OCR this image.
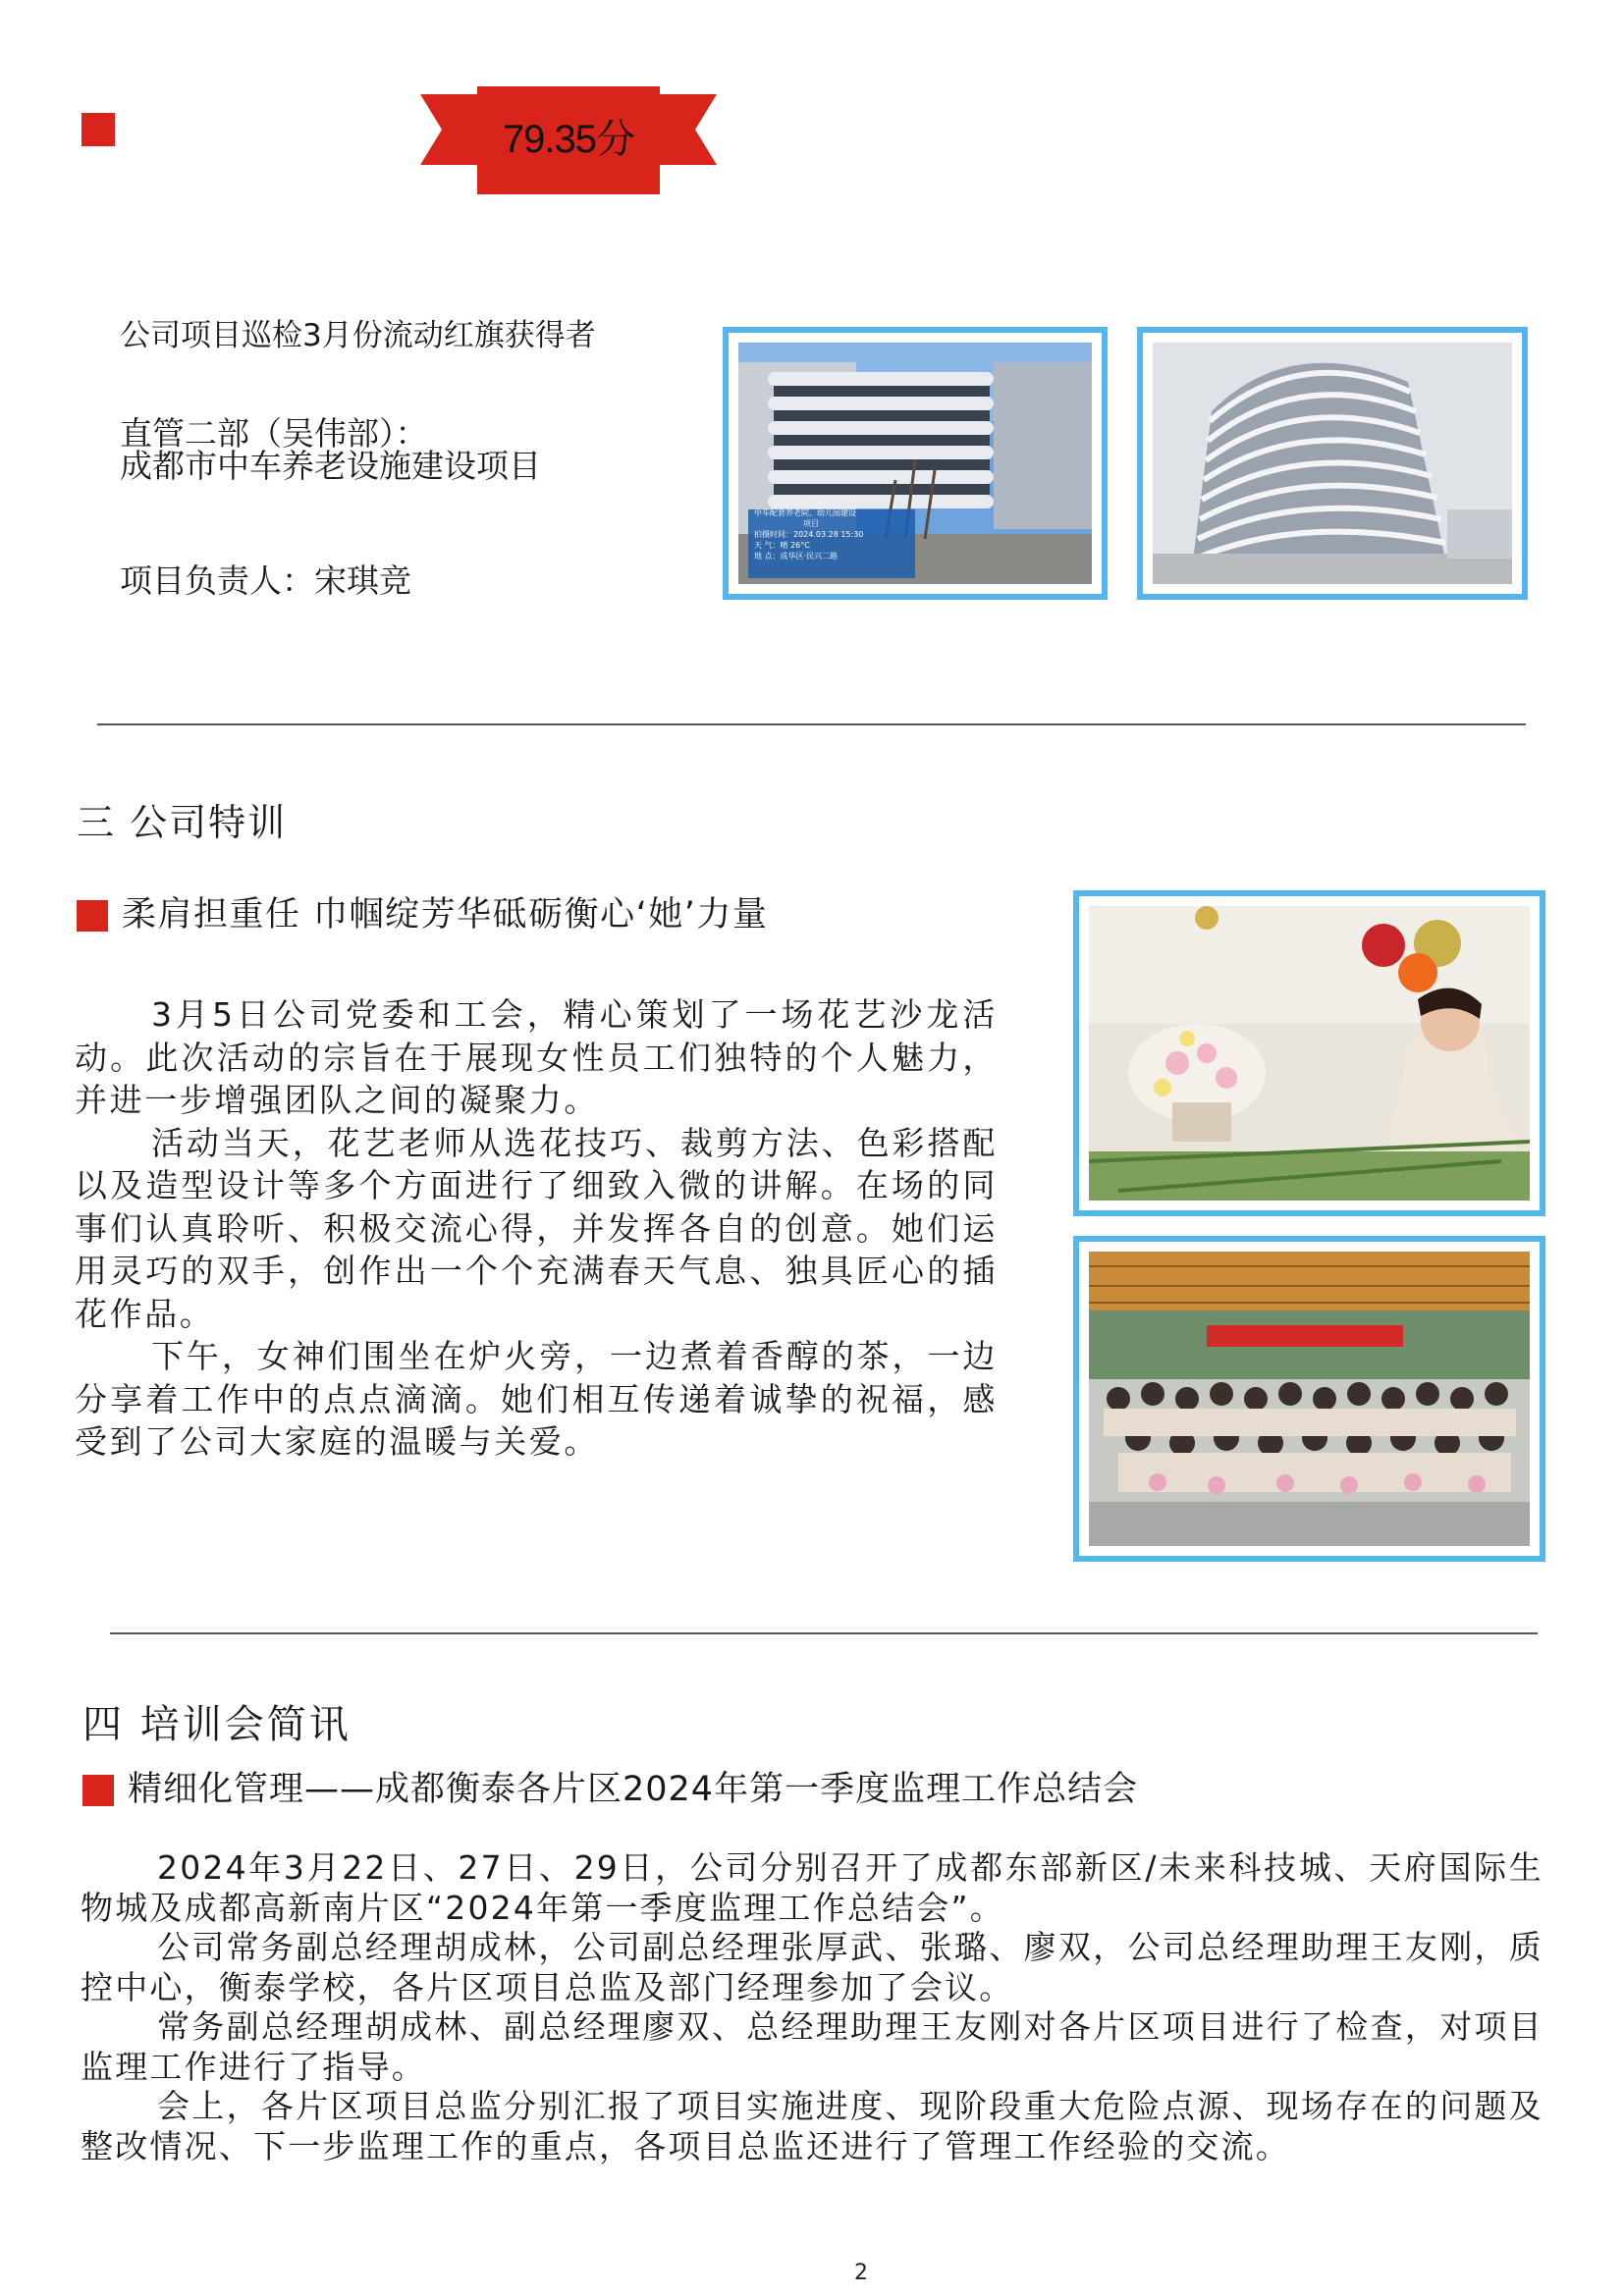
79.35分
公司项目巡检3月份流动红旗获得者
直管二部（吴伟部）：
成都市中车养老设施建设项目
项目负责人：宋琪竞
中车配套养老院、幼儿园建设
项目
拍摄时间：2024.03.28 15:30
天 气：晴 26°C
地 点：成华区·民兴二路
三 公司特训
柔肩担重任 巾帼绽芳华砥砺衡心‘她’力量

3月5日公司党委和工会，精心策划了一场花艺沙龙活动。此次活动的宗旨在于展现女性员工们独特的个人魅力，并进一步增强团队之间的凝聚力。

活动当天，花艺老师从选花技巧、裁剪方法、色彩搭配以及造型设计等多个方面进行了细致入微的讲解。在场的同事们认真聆听、积极交流心得，并发挥各自的创意。她们运用灵巧的双手，创作出一个个充满春天气息、独具匠心的插花作品。

下午，女神们围坐在炉火旁，一边煮着香醇的茶，一边分享着工作中的点点滴滴。她们相互传递着诚挚的祝福，感受到了公司大家庭的温暖与关爱。

四 培训会简讯
精细化管理——成都衡泰各片区2024年第一季度监理工作总结会

2024年3月22日、27日、29日，公司分别召开了成都东部新区/未来科技城、天府国际生物城及成都高新南片区“2024年第一季度监理工作总结会”。

公司常务副总经理胡成林，公司副总经理张厚武、张璐、廖双，公司总经理助理王友刚，质控中心，衡泰学校，各片区项目总监及部门经理参加了会议。

常务副总经理胡成林、副总经理廖双、总经理助理王友刚对各片区项目进行了检查，对项目监理工作进行了指导。

会上，各片区项目总监分别汇报了项目实施进度、现阶段重大危险点源、现场存在的问题及整改情况、下一步监理工作的重点，各项目总监还进行了管理工作经验的交流。

2
